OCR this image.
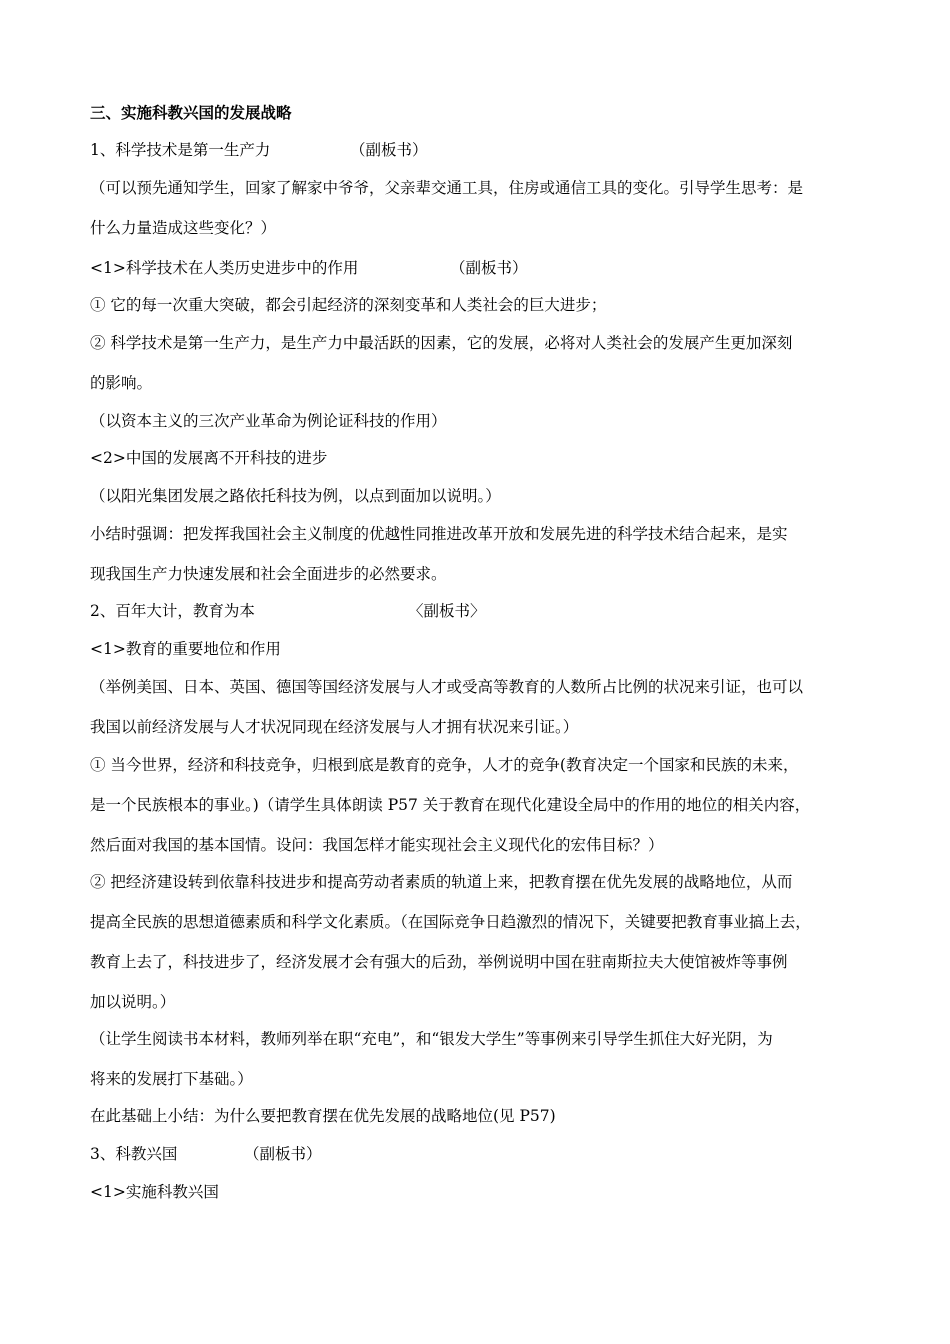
三、实施科教兴国的发展战略
1、科学技术是第一生产力	（副板书）
（可以预先通知学生，回家了解家中爷爷，父亲辈交通工具，住房或通信工具的变化。引导学生思考：是
什么力量造成这些变化？）
<1>科学技术在人类历史进步中的作用	（副板书）
① 它的每一次重大突破，都会引起经济的深刻变革和人类社会的巨大进步；
② 科学技术是第一生产力，是生产力中最活跃的因素，它的发展，必将对人类社会的发展产生更加深刻
的影响。
（以资本主义的三次产业革命为例论证科技的作用）
<2>中国的发展离不开科技的进步
（以阳光集团发展之路依托科技为例，以点到面加以说明。）
小结时强调：把发挥我国社会主义制度的优越性同推进改革开放和发展先进的科学技术结合起来，是实
现我国生产力快速发展和社会全面进步的必然要求。
2、百年大计，教育为本	〈副板书〉
<1>教育的重要地位和作用
（举例美国、日本、英国、德国等国经济发展与人才或受高等教育的人数所占比例的状况来引证，也可以
我国以前经济发展与人才状况同现在经济发展与人才拥有状况来引证。）
① 当今世界，经济和科技竞争，归根到底是教育的竞争，人才的竞争(教育决定一个国家和民族的未来，
是一个民族根本的事业。)（请学生具体朗读 P57 关于教育在现代化建设全局中的作用的地位的相关内容，
然后面对我国的基本国情。设问：我国怎样才能实现社会主义现代化的宏伟目标？）
② 把经济建设转到依靠科技进步和提高劳动者素质的轨道上来，把教育摆在优先发展的战略地位，从而
提高全民族的思想道德素质和科学文化素质。（在国际竞争日趋激烈的情况下，关键要把教育事业搞上去，
教育上去了，科技进步了，经济发展才会有强大的后劲，举例说明中国在驻南斯拉夫大使馆被炸等事例
加以说明。）
（让学生阅读书本材料，教师列举在职“充电”，和“银发大学生”等事例来引导学生抓住大好光阴，为
将来的发展打下基础。）
在此基础上小结：为什么要把教育摆在优先发展的战略地位(见 P57)
3、科教兴国	（副板书）
<1>实施科教兴国
